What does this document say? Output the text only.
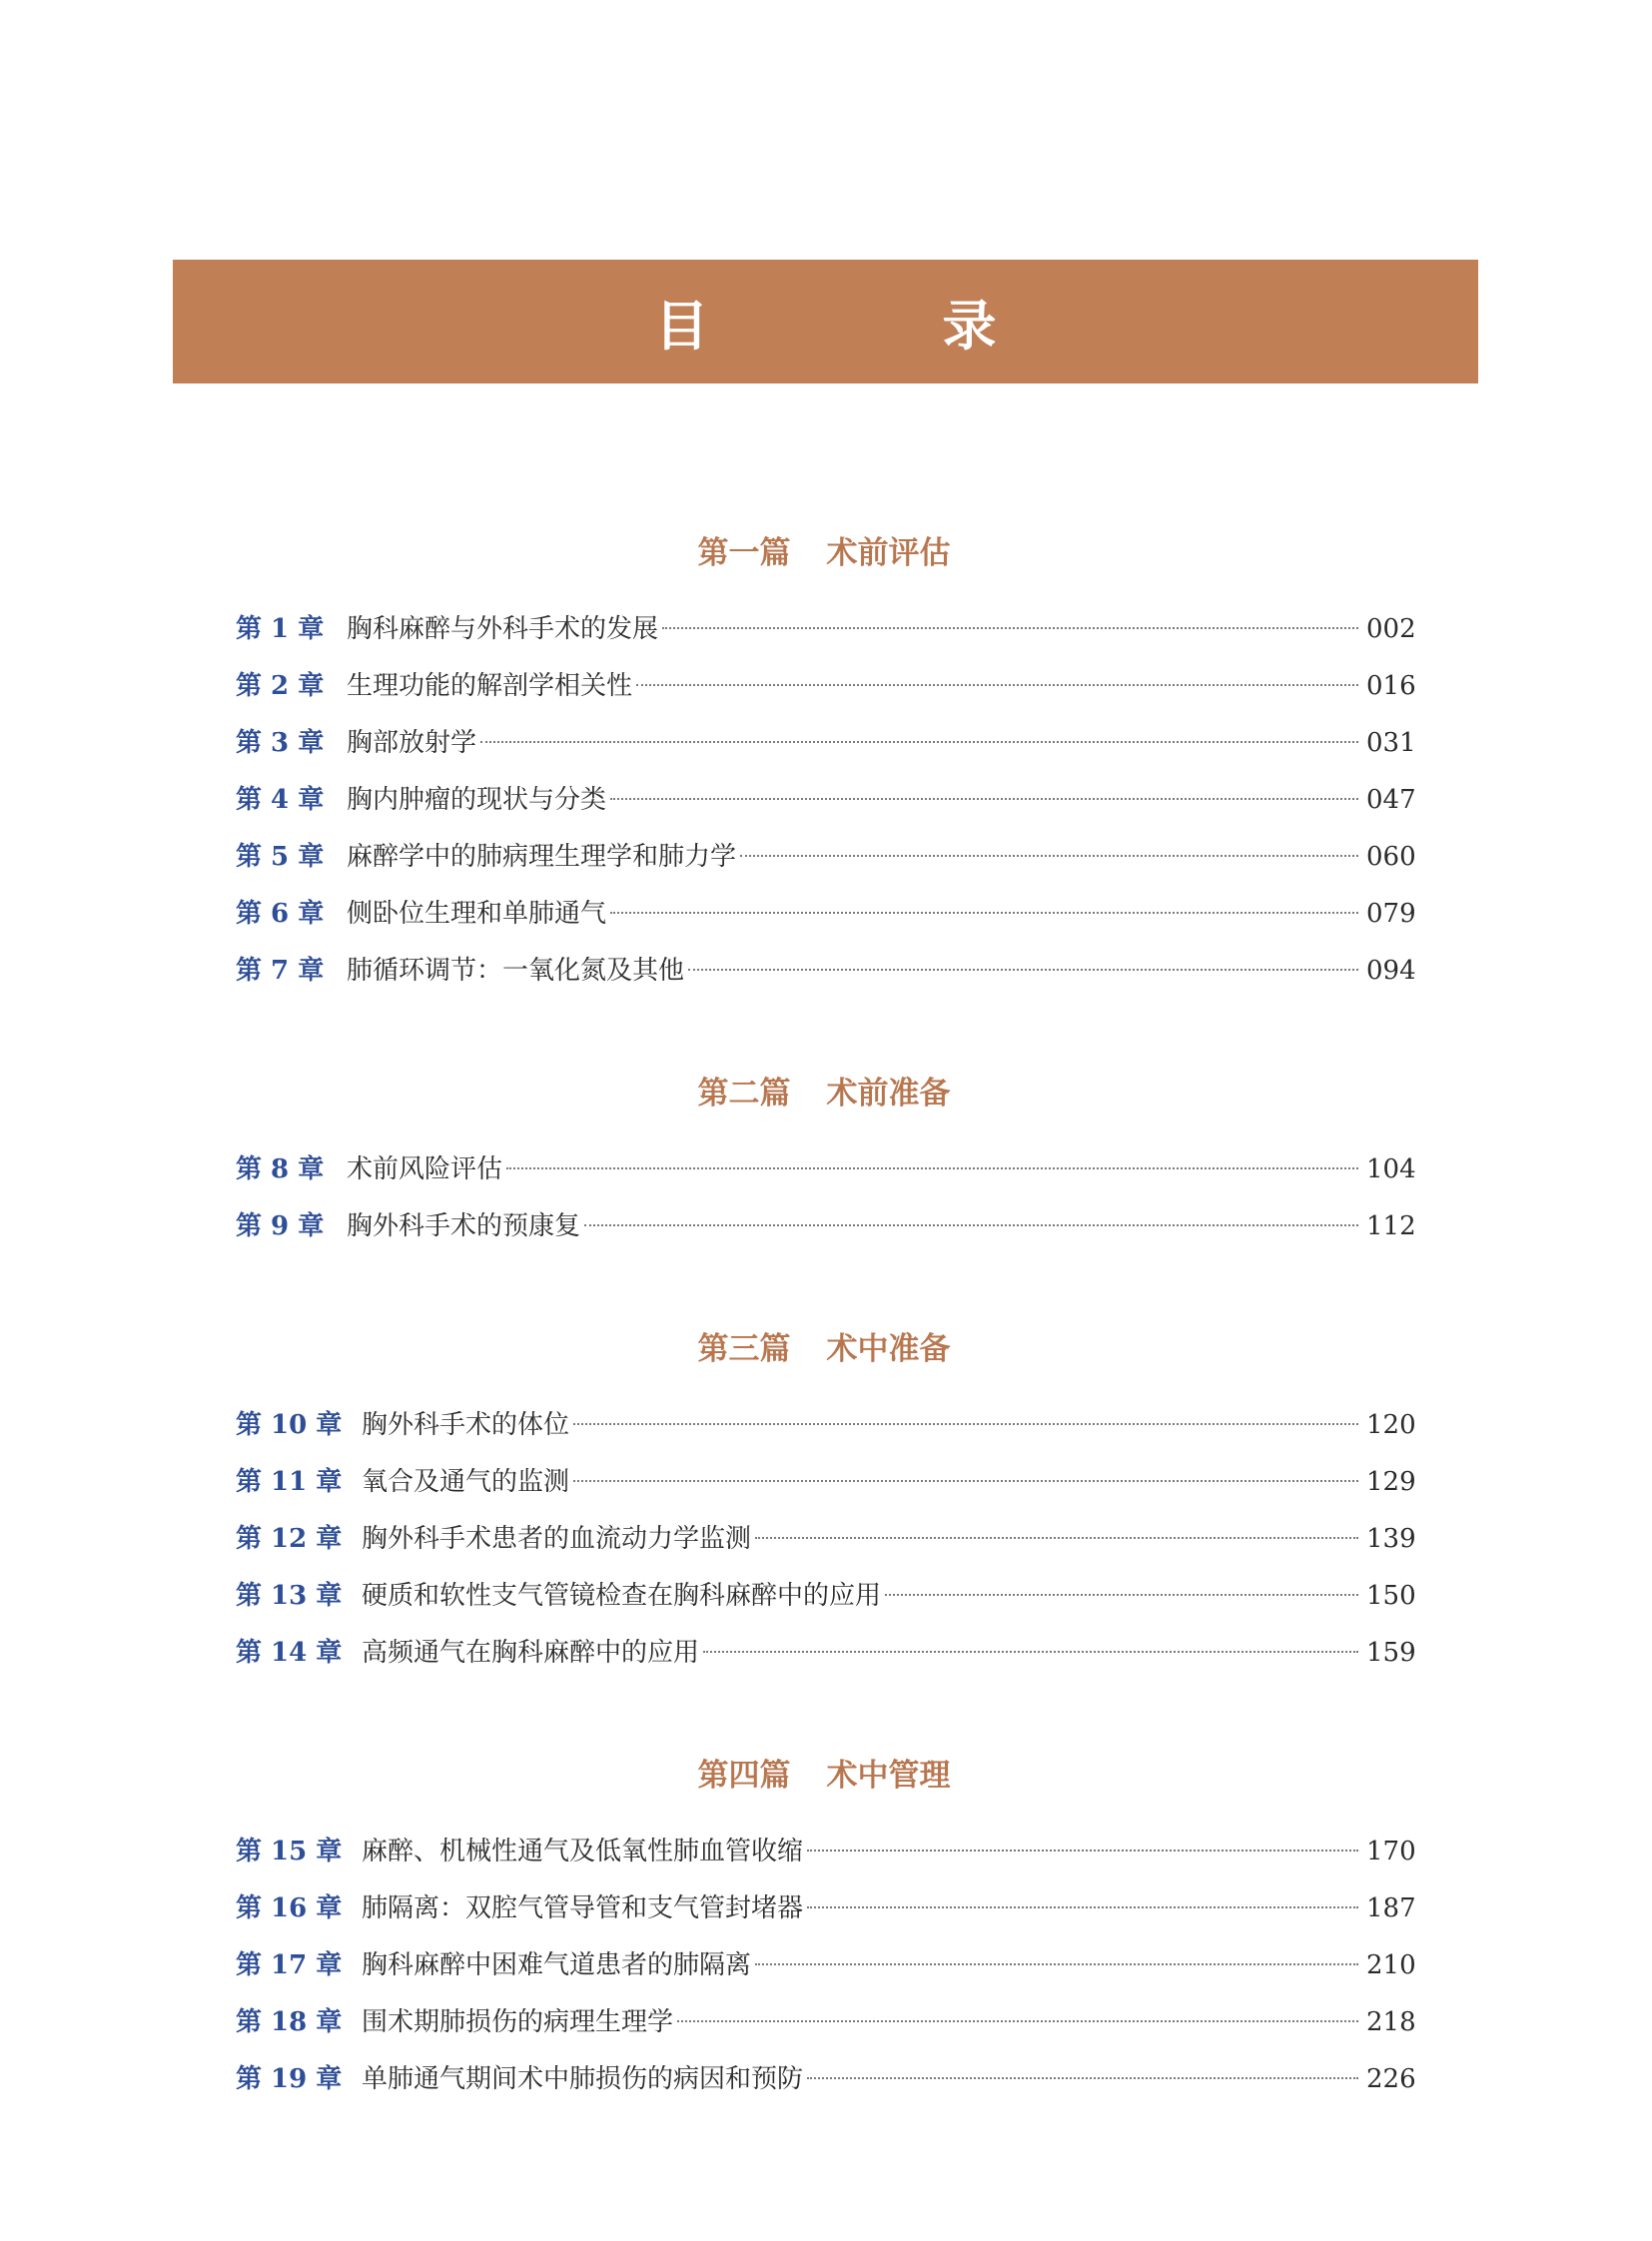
目　录
第一篇 术前评估
第 1 章 胸科麻醉与外科手术的发展	002
第 2 章 生理功能的解剖学相关性	016
第 3 章 胸部放射学	031
第 4 章 胸内肿瘤的现状与分类	047
第 5 章 麻醉学中的肺病理生理学和肺力学	060
第 6 章 侧卧位生理和单肺通气	079
第 7 章 肺循环调节：一氧化氮及其他	094
第二篇 术前准备
第 8 章 术前风险评估	104
第 9 章 胸外科手术的预康复	112
第三篇 术中准备
第 10 章 胸外科手术的体位	120
第 11 章 氧合及通气的监测	129
第 12 章 胸外科手术患者的血流动力学监测	139
第 13 章 硬质和软性支气管镜检查在胸科麻醉中的应用	150
第 14 章 高频通气在胸科麻醉中的应用	159
第四篇 术中管理
第 15 章 麻醉、机械性通气及低氧性肺血管收缩	170
第 16 章 肺隔离：双腔气管导管和支气管封堵器	187
第 17 章 胸科麻醉中困难气道患者的肺隔离	210
第 18 章 围术期肺损伤的病理生理学	218
第 19 章 单肺通气期间术中肺损伤的病因和预防	226
